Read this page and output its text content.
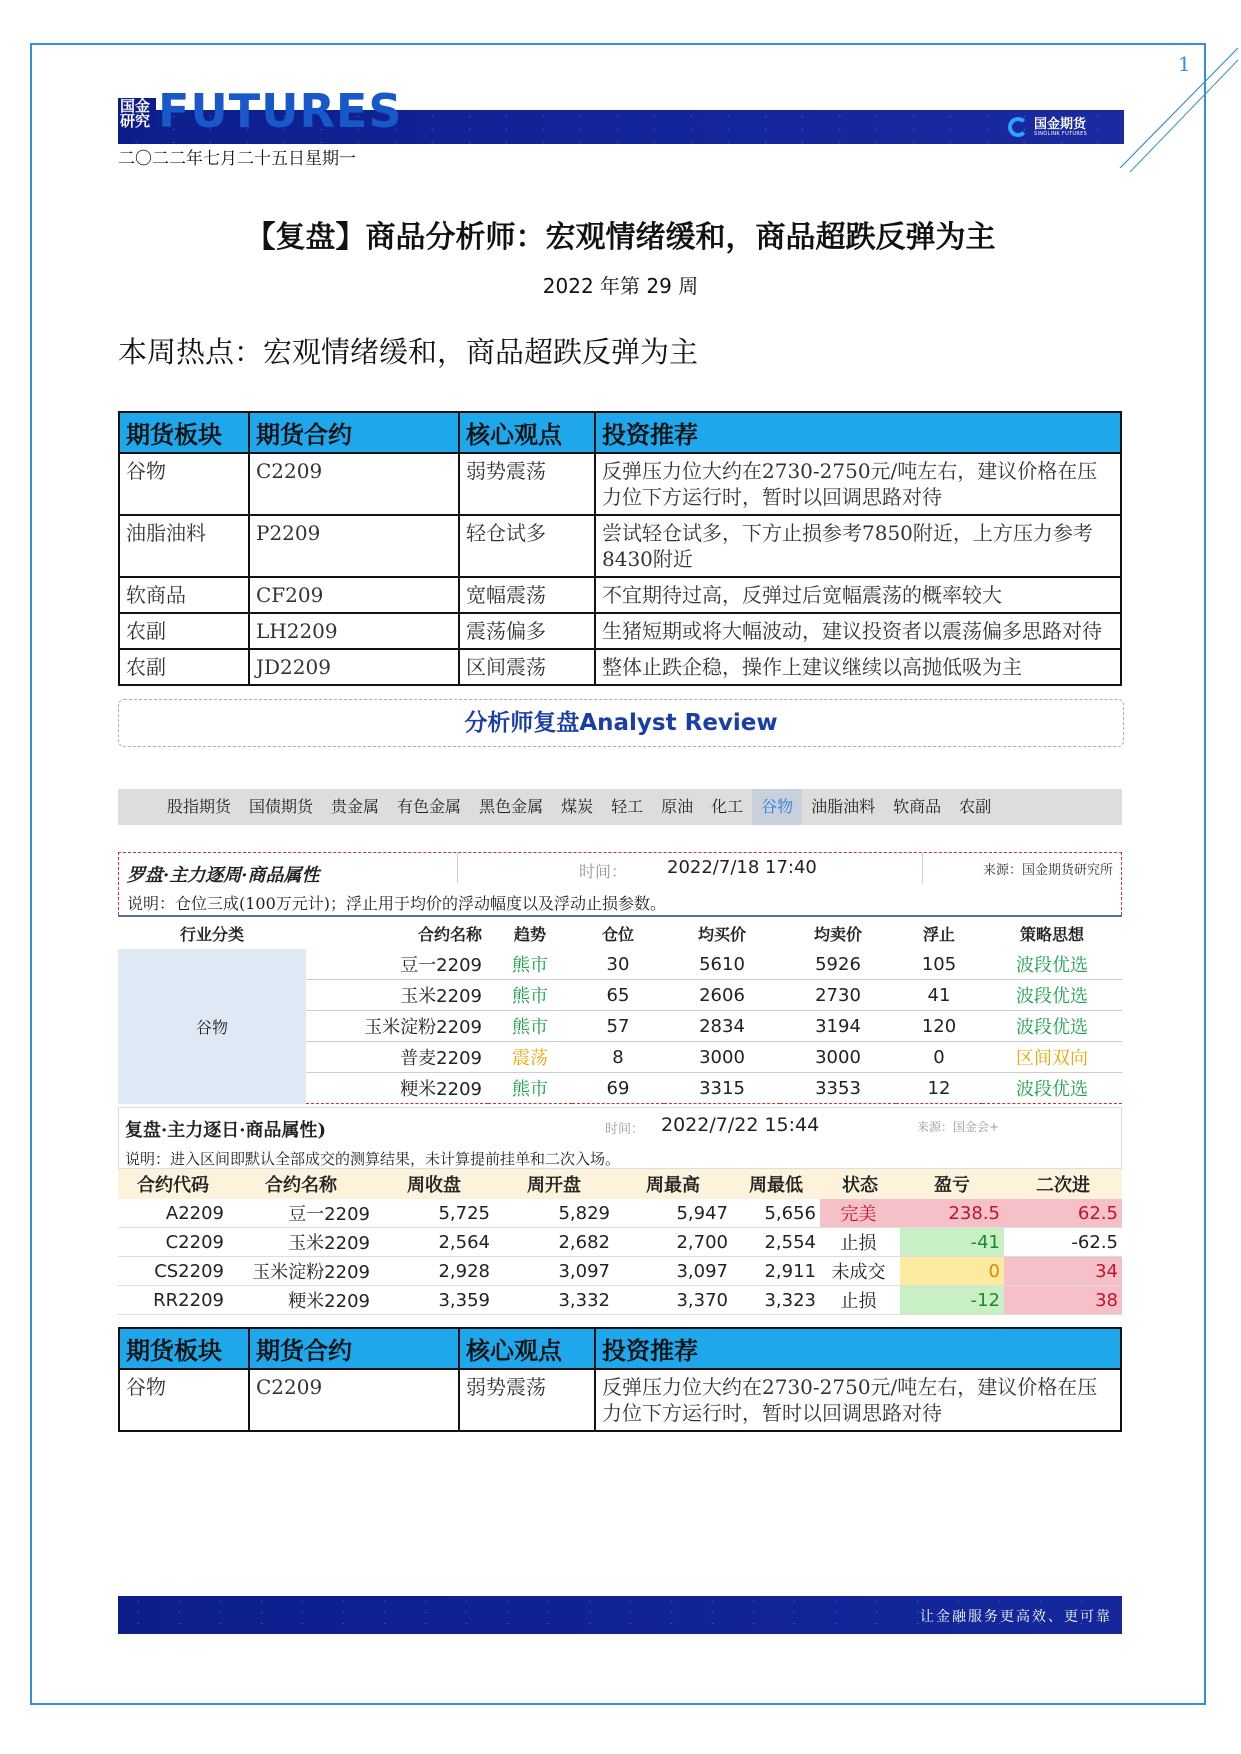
1
国金
研究 FUTURES	国金期货
SINOLINK FUTURES
二〇二二年七月二十五日星期一
【复盘】商品分析师：宏观情绪缓和，商品超跌反弹为主
2022 年第 29 周
本周热点：宏观情绪缓和，商品超跌反弹为主
期货板块	期货合约	核心观点	投资推荐
谷物	C2209	弱势震荡	反弹压力位大约在2730-2750元/吨左右，建议价格在压力位下方运行时，暂时以回调思路对待
油脂油料	P2209	轻仓试多	尝试轻仓试多，下方止损参考7850附近，上方压力参考8430附近
软商品	CF209	宽幅震荡	不宜期待过高，反弹过后宽幅震荡的概率较大
农副	LH2209	震荡偏多	生猪短期或将大幅波动，建议投资者以震荡偏多思路对待
农副	JD2209	区间震荡	整体止跌企稳，操作上建议继续以高抛低吸为主
分析师复盘Analyst Review
股指期货	国债期货	贵金属	有色金属	黑色金属	煤炭	轻工	原油	化工	谷物	油脂油料	软商品	农副
罗盘·主力逐周·商品属性	时间： 2022/7/18 17:40	来源：国金期货研究所
说明：仓位三成(100万元计)；浮止用于均价的浮动幅度以及浮动止损参数。
行业分类	合约名称	趋势	仓位	均买价	均卖价	浮止	策略思想
谷物	豆一2209	熊市	30	5610	5926	105	波段优选
	玉米2209	熊市	65	2606	2730	41	波段优选
	玉米淀粉2209	熊市	57	2834	3194	120	波段优选
	普麦2209	震荡	8	3000	3000	0	区间双向
	粳米2209	熊市	69	3315	3353	12	波段优选
复盘·主力逐日·商品属性)	时间： 2022/7/22 15:44	来源：国金会+
说明：进入区间即默认全部成交的测算结果，未计算提前挂单和二次入场。
合约代码	合约名称	周收盘	周开盘	周最高	周最低	状态	盈亏	二次进
A2209	豆一2209	5,725	5,829	5,947	5,656	完美	238.5	62.5
C2209	玉米2209	2,564	2,682	2,700	2,554	止损	-41	-62.5
CS2209	玉米淀粉2209	2,928	3,097	3,097	2,911	未成交	0	34
RR2209	粳米2209	3,359	3,332	3,370	3,323	止损	-12	38
期货板块	期货合约	核心观点	投资推荐
谷物	C2209	弱势震荡	反弹压力位大约在2730-2750元/吨左右，建议价格在压力位下方运行时，暂时以回调思路对待
让金融服务更高效、更可靠
